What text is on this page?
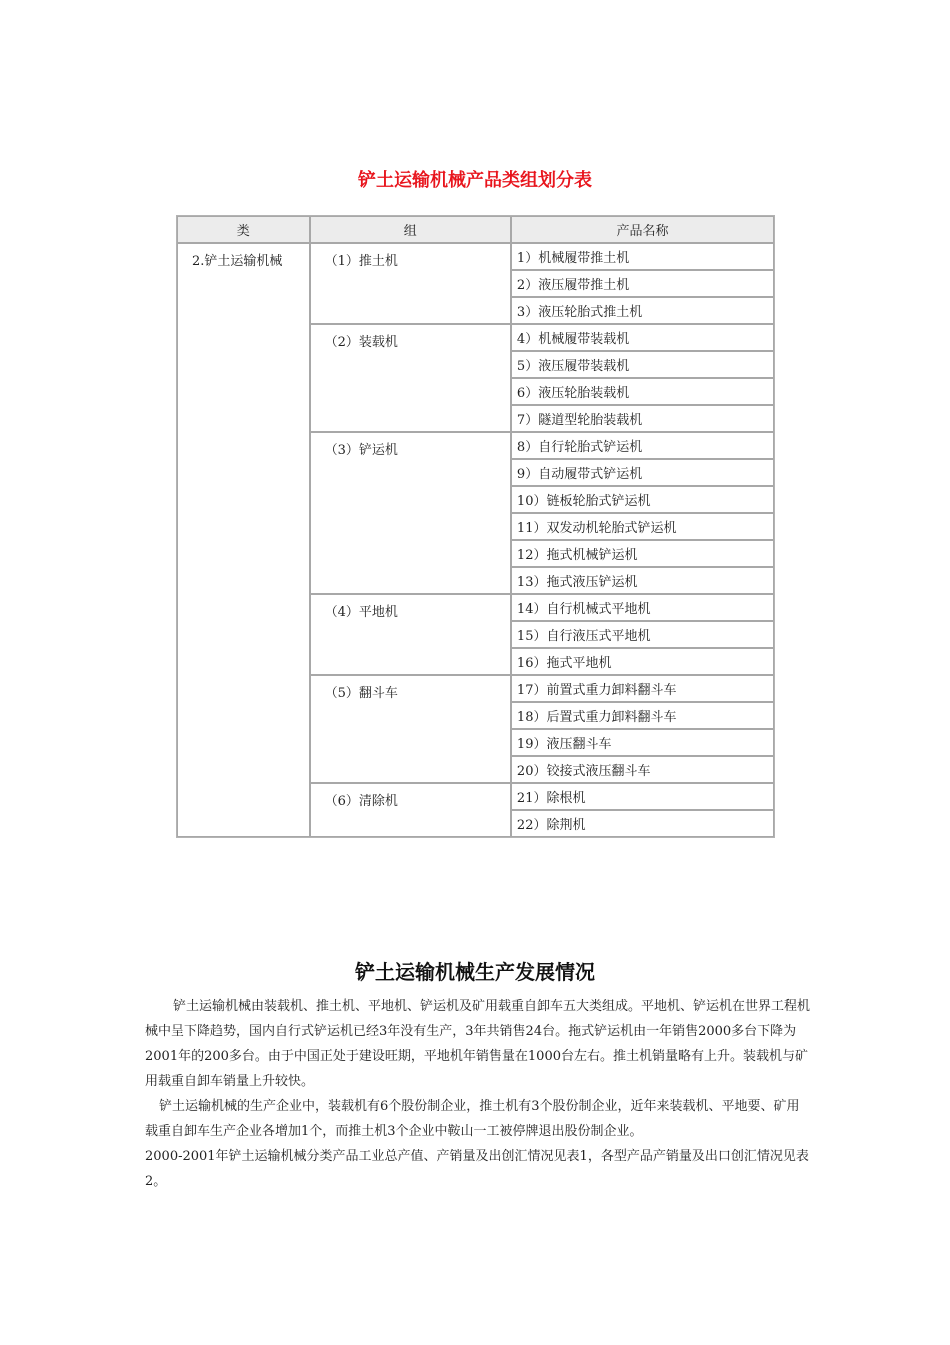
铲土运输机械产品类组划分表
类	组	产品名称
2.铲土运输机械	（1）推土机	1）机械履带推土机
		2）液压履带推土机
		3）液压轮胎式推土机
	（2）装载机	4）机械履带装载机
		5）液压履带装载机
		6）液压轮胎装载机
		7）隧道型轮胎装载机
	（3）铲运机	8）自行轮胎式铲运机
		9）自动履带式铲运机
		10）链板轮胎式铲运机
		11）双发动机轮胎式铲运机
		12）拖式机械铲运机
		13）拖式液压铲运机
	（4）平地机	14）自行机械式平地机
		15）自行液压式平地机
		16）拖式平地机
	（5）翻斗车	17）前置式重力卸料翻斗车
		18）后置式重力卸料翻斗车
		19）液压翻斗车
		20）铰接式液压翻斗车
	（6）清除机	21）除根机
		22）除荆机
铲土运输机械生产发展情况

铲土运输机械由装载机、推土机、平地机、铲运机及矿用载重自卸车五大类组成。平地机、铲运机在世界工程机械中呈下降趋势，国内自行式铲运机已经3年没有生产，3年共销售24台。拖式铲运机由一年销售2000多台下降为2001年的200多台。由于中国正处于建设旺期，平地机年销售量在1000台左右。推土机销量略有上升。装载机与矿用载重自卸车销量上升较快。

铲土运输机械的生产企业中，装载机有6个股份制企业，推土机有3个股份制企业，近年来装载机、平地要、矿用载重自卸车生产企业各增加1个，而推土机3个企业中鞍山一工被停牌退出股份制企业。

2000-2001年铲土运输机械分类产品工业总产值、产销量及出创汇情况见表1，各型产品产销量及出口创汇情况见表2。
